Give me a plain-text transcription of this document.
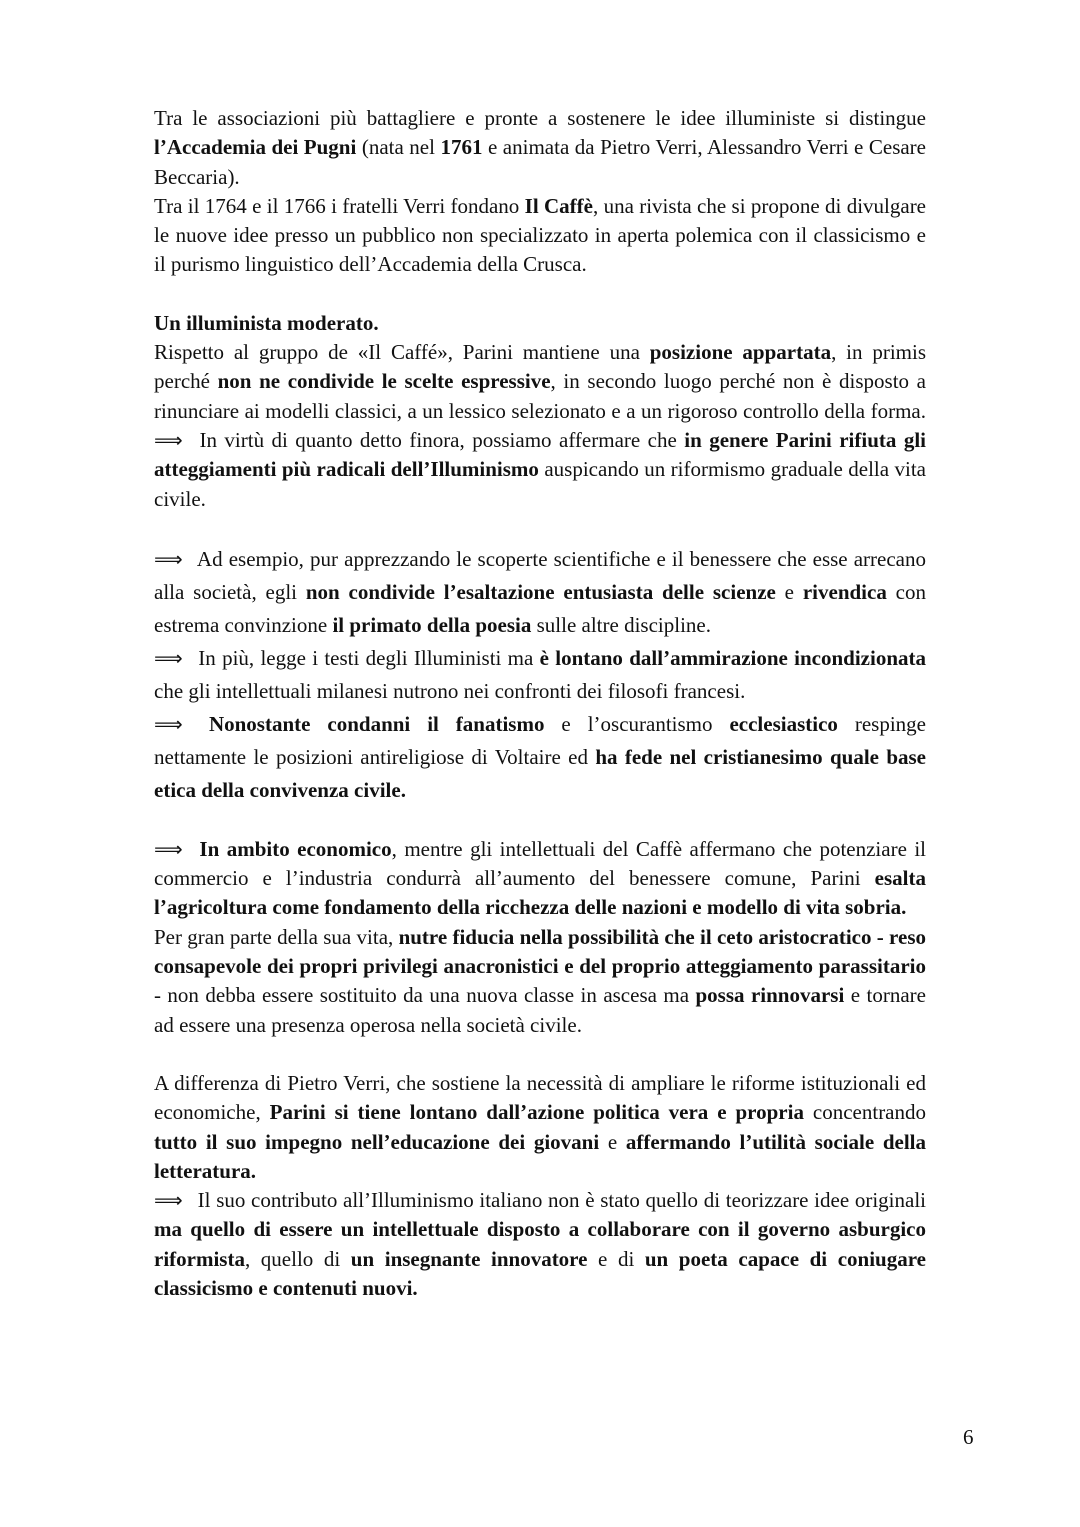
Tra le associazioni più battagliere e pronte a sostenere le idee illuministe si distingue l’Accademia dei Pugni (nata nel 1761 e animata da Pietro Verri, Alessandro Verri e Cesare Beccaria).

Tra il 1764 e il 1766 i fratelli Verri fondano Il Caffè, una rivista che si propone di divulgare le nuove idee presso un pubblico non specializzato in aperta polemica con il classicismo e il purismo linguistico dell’Accademia della Crusca.

Un illuminista moderato.

Rispetto al gruppo de «Il Caffé», Parini mantiene una posizione appartata, in primis perché non ne condivide le scelte espressive, in secondo luogo perché non è disposto a rinunciare ai modelli classici, a un lessico selezionato e a un rigoroso controllo della forma. ⟹ In virtù di quanto detto finora, possiamo affermare che in genere Parini rifiuta gli atteggiamenti più radicali dell’Illuminismo auspicando un riformismo graduale della vita civile.

⟹ Ad esempio, pur apprezzando le scoperte scientifiche e il benessere che esse arrecano alla società, egli non condivide l’esaltazione entusiasta delle scienze e rivendica con estrema convinzione il primato della poesia sulle altre discipline.

⟹ In più, legge i testi degli Illuministi ma è lontano dall’ammirazione incondizionata che gli intellettuali milanesi nutrono nei confronti dei filosofi francesi.

⟹ Nonostante condanni il fanatismo e l’oscurantismo ecclesiastico respinge nettamente le posizioni antireligiose di Voltaire ed ha fede nel cristianesimo quale base etica della convivenza civile.

⟹ In ambito economico, mentre gli intellettuali del Caffè affermano che potenziare il commercio e l’industria condurrà all’aumento del benessere comune, Parini esalta l’agricoltura come fondamento della ricchezza delle nazioni e modello di vita sobria.

Per gran parte della sua vita, nutre fiducia nella possibilità che il ceto aristocratico - reso consapevole dei propri privilegi anacronistici e del proprio atteggiamento parassitario - non debba essere sostituito da una nuova classe in ascesa ma possa rinnovarsi e tornare ad essere una presenza operosa nella società civile.

A differenza di Pietro Verri, che sostiene la necessità di ampliare le riforme istituzionali ed economiche, Parini si tiene lontano dall’azione politica vera e propria concentrando tutto il suo impegno nell’educazione dei giovani e affermando l’utilità sociale della letteratura.

⟹ Il suo contributo all’Illuminismo italiano non è stato quello di teorizzare idee originali ma quello di essere un intellettuale disposto a collaborare con il governo asburgico riformista, quello di un insegnante innovatore e di un poeta capace di coniugare classicismo e contenuti nuovi.

6
